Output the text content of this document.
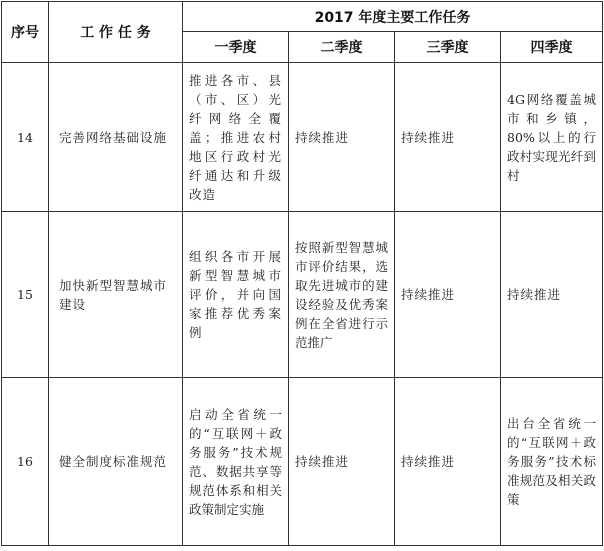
序号	工 作 任 务	2017 年度主要工作任务			
		一季度	二季度	三季度	四季度
14	完善网络基础设施	推进各市、县（市、区）光纤网络全覆盖；推进农村地区行政村光纤通达和升级改造	持续推进	持续推进	4G网络覆盖城市和乡镇，80%以上的行政村实现光纤到村
15	加快新型智慧城市建设	组织各市开展新型智慧城市评价，并向国家推荐优秀案例	按照新型智慧城市评价结果，选取先进城市的建设经验及优秀案例在全省进行示范推广	持续推进	持续推进
16	健全制度标准规范	启动全省统一的“互联网＋政务服务”技术规范、数据共享等规范体系和相关政策制定实施	持续推进	持续推进	出台全省统一的“互联网＋政务服务”技术标准规范及相关政策
